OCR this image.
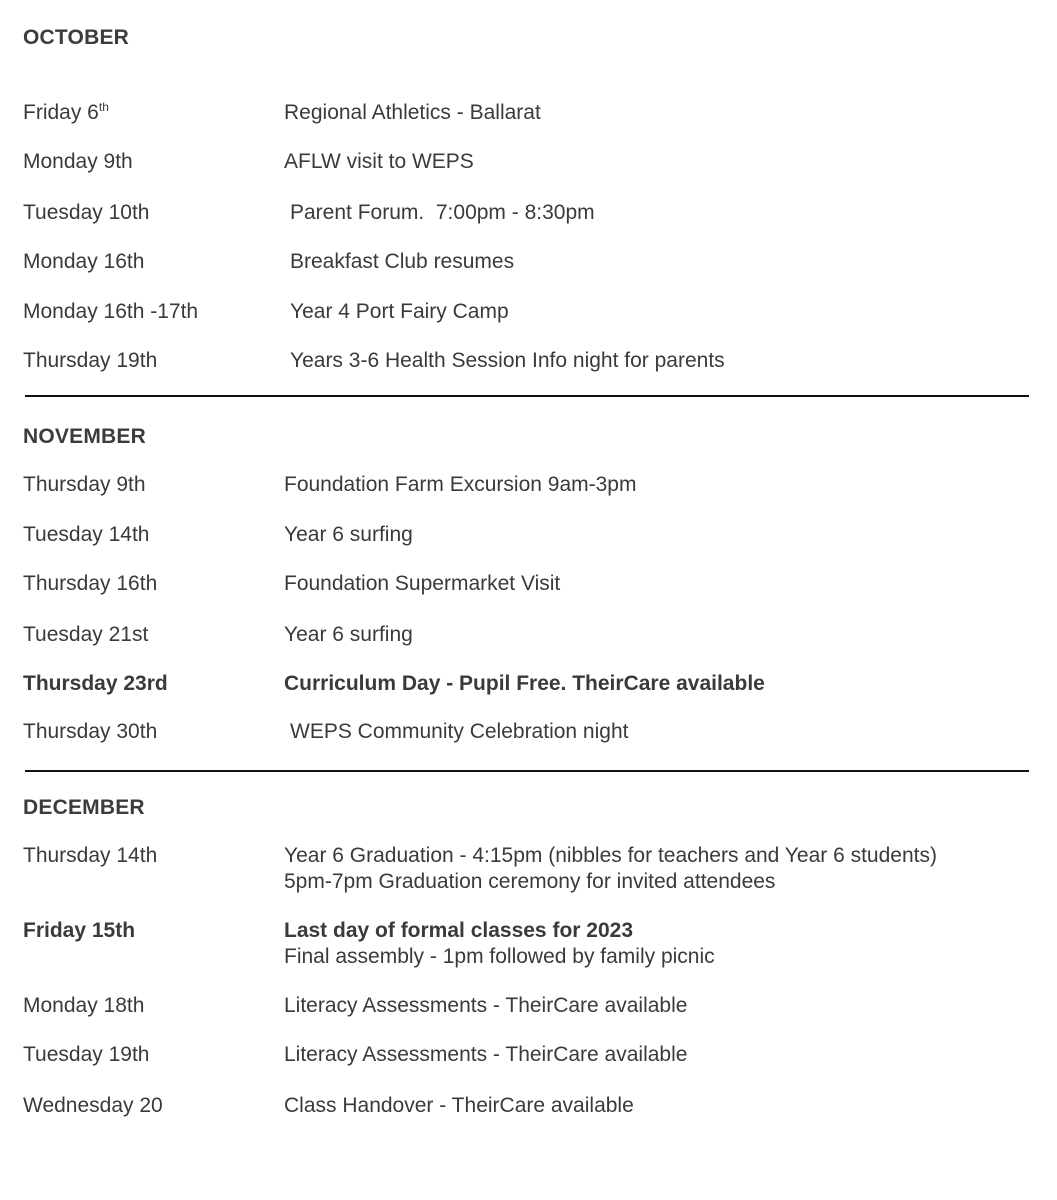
OCTOBER
Friday 6th	Regional Athletics - Ballarat
Monday 9th	AFLW visit to WEPS
Tuesday 10th	Parent Forum.  7:00pm - 8:30pm
Monday 16th	Breakfast Club resumes
Monday 16th -17th	Year 4 Port Fairy Camp
Thursday 19th	Years 3-6 Health Session Info night for parents
NOVEMBER
Thursday 9th	Foundation Farm Excursion 9am-3pm
Tuesday 14th	Year 6 surfing
Thursday 16th	Foundation Supermarket Visit
Tuesday 21st	Year 6 surfing
Thursday 23rd	Curriculum Day - Pupil Free. TheirCare available
Thursday 30th	WEPS Community Celebration night
DECEMBER
Thursday 14th	Year 6 Graduation - 4:15pm (nibbles for teachers and Year 6 students)
5pm-7pm Graduation ceremony for invited attendees
Friday 15th	Last day of formal classes for 2023
Final assembly - 1pm followed by family picnic
Monday 18th	Literacy Assessments - TheirCare available
Tuesday 19th	Literacy Assessments - TheirCare available
Wednesday 20	Class Handover - TheirCare available
